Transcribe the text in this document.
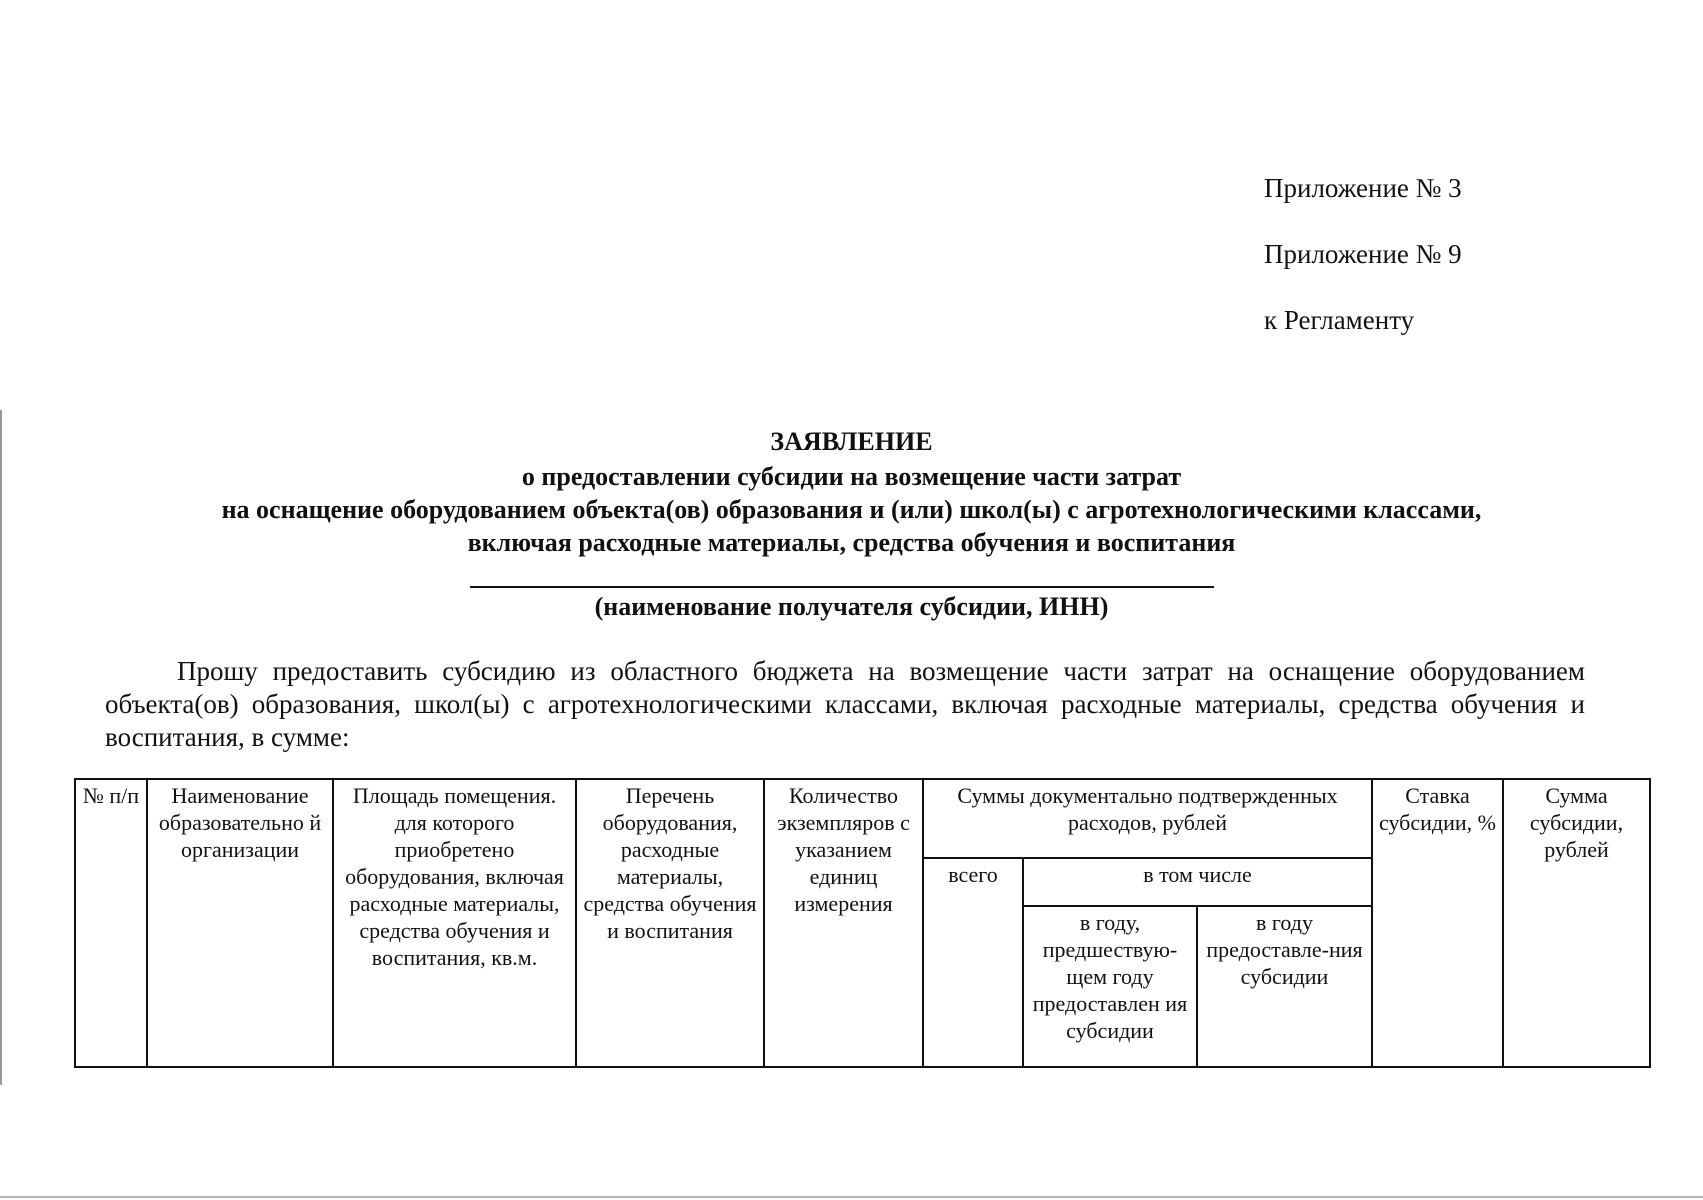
Приложение № 3
Приложение № 9
к Регламенту
ЗАЯВЛЕНИЕ
о предоставлении субсидии на возмещение части затрат
на оснащение оборудованием объекта(ов) образования и (или) школ(ы) с агротехнологическими классами,
включая расходные материалы, средства обучения и воспитания
(наименование получателя субсидии, ИНН)

Прошу предоставить субсидию из областного бюджета на возмещение части затрат на оснащение оборудованием объекта(ов) образования, школ(ы) с агротехнологическими классами, включая расходные материалы, средства обучения и воспитания, в сумме:

№ п/п	Наименование образовательно й организации	Площадь помещения. для которого приобретено оборудования, включая расходные материалы, средства обучения и воспитания, кв.м.	Перечень оборудования, расходные материалы, средства обучения и воспитания	Количество экземпляров с указанием единиц измерения	Суммы документально подтвержденных расходов, рублей			Ставка субсидии, %	Сумма субсидии, рублей
					всего	в том числе			
						в году, предшествую-щем году предоставлен ия субсидии	в году предоставле-ния субсидии		
